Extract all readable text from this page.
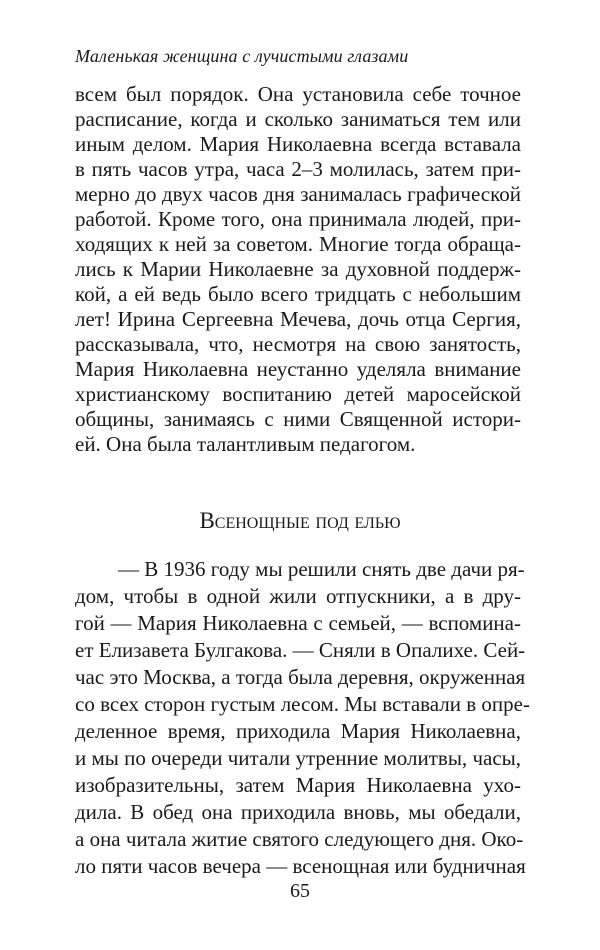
Маленькая женщина с лучистыми глазами
всем был порядок. Она установила себе точное
расписание, когда и сколько заниматься тем или
иным делом. Мария Николаевна всегда вставала
в пять часов утра, часа 2–3 молилась, затем при-
мерно до двух часов дня занималась графической
работой. Кроме того, она принимала людей, при-
ходящих к ней за советом. Многие тогда обраща-
лись к Марии Николаевне за духовной поддерж-
кой, а ей ведь было всего тридцать с небольшим
лет! Ирина Сергеевна Мечева, дочь отца Сергия,
рассказывала, что, несмотря на свою занятость,
Мария Николаевна неустанно уделяла внимание
христианскому воспитанию детей маросейской
общины, занимаясь с ними Священной истори-
ей. Она была талантливым педагогом.
Всенощные под елью
— В 1936 году мы решили снять две дачи ря-
дом, чтобы в одной жили отпускники, а в дру-
гой — Мария Николаевна с семьей, — вспомина-
ет Елизавета Булгакова. — Сняли в Опалихе. Сей-
час это Москва, а тогда была деревня, окруженная
со всех сторон густым лесом. Мы вставали в опре-
деленное время, приходила Мария Николаевна,
и мы по очереди читали утренние молитвы, часы,
изобразительны, затем Мария Николаевна ухо-
дила. В обед она приходила вновь, мы обедали,
а она читала житие святого следующего дня. Око-
ло пяти часов вечера — всенощная или будничная
65
